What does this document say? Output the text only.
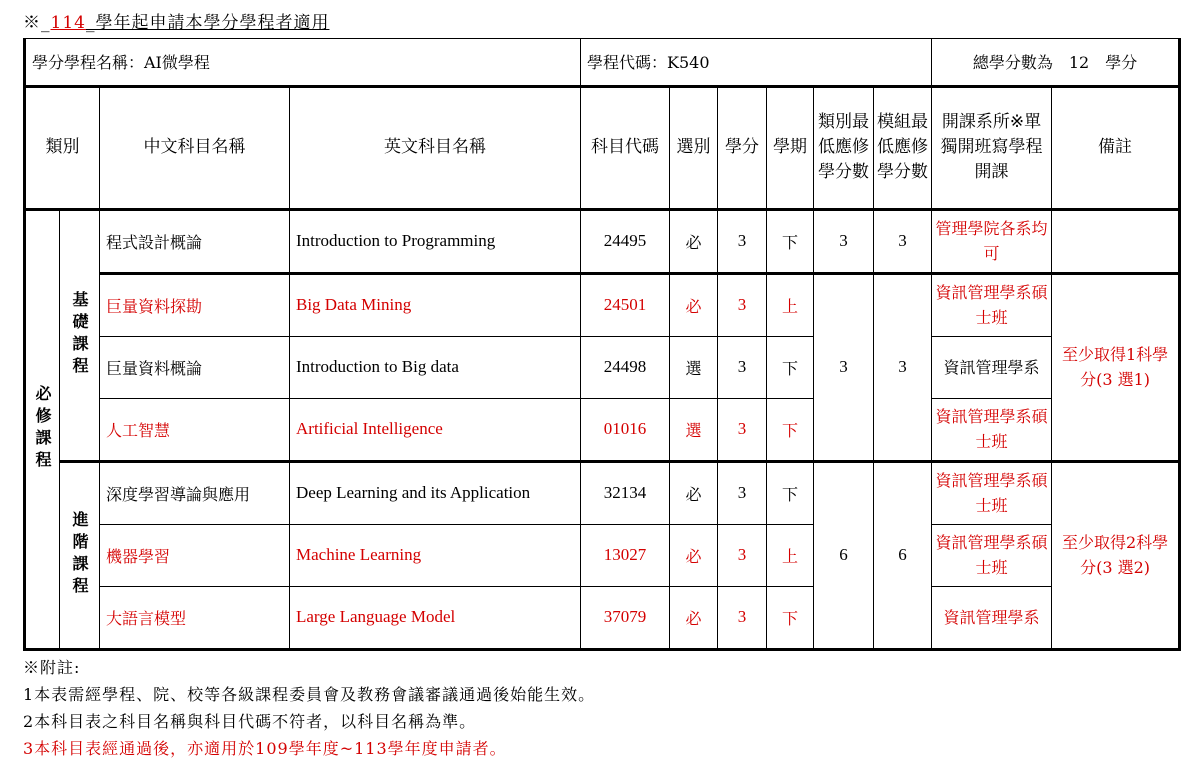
※_114_學年起申請本學分學程者適用
學分學程名稱：AI微學程				學程代碼：K540						總學分數為　12　學分	
類別		中文科目名稱	英文科目名稱	科目代碼	選別	學分	學期	類別最低應修學分數	模組最低應修學分數	開課系所※單獨開班寫學程開課	備註

必修課程	基礎課程	程式設計概論	Introduction to Programming	24495	必	3	下	3	3	管理學院各系均可	
		巨量資料探勘	Big Data Mining	24501	必	3	上	3	3	資訊管理學系碩士班	至少取得1科學分(3 選1)
		巨量資料概論	Introduction to Big data	24498	選	3	下			資訊管理學系	
		人工智慧	Artificial Intelligence	01016	選	3	下			資訊管理學系碩士班	

	進階課程	深度學習導論與應用	Deep Learning and its Application	32134	必	3	下	6	6	資訊管理學系碩士班	至少取得2科學分(3 選2)
		機器學習	Machine Learning	13027	必	3	上			資訊管理學系碩士班	
		大語言模型	Large Language Model	37079	必	3	下			資訊管理學系	
※附註:
1本表需經學程、院、校等各級課程委員會及教務會議審議通過後始能生效。
2本科目表之科目名稱與科目代碼不符者，以科目名稱為準。
3本科目表經通過後，亦適用於109學年度~113學年度申請者。
